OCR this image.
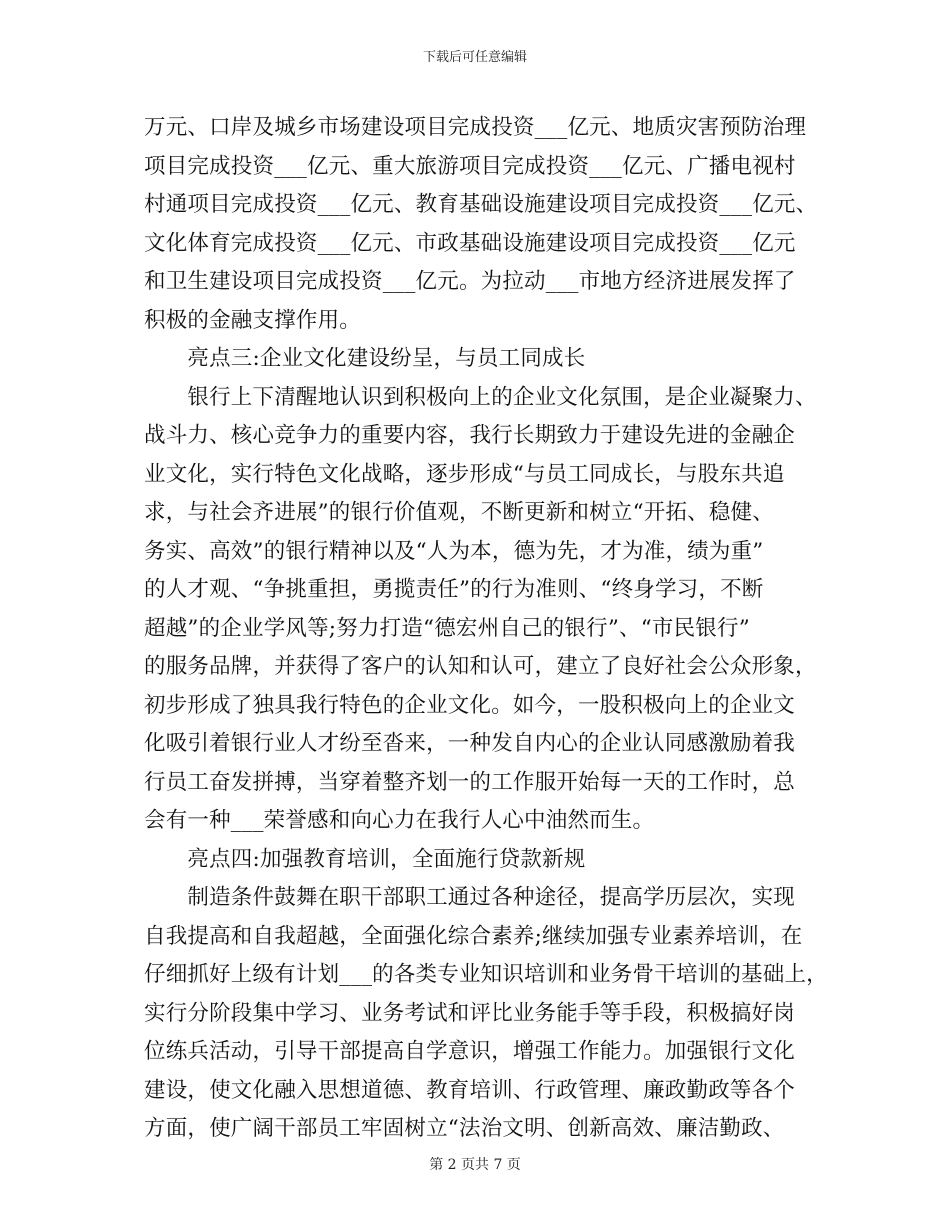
下载后可任意编辑
万元、口岸及城乡市场建设项目完成投资___亿元、地质灾害预防治理
项目完成投资___亿元、重大旅游项目完成投资___亿元、广播电视村
村通项目完成投资___亿元、教育基础设施建设项目完成投资___亿元、
文化体育完成投资___亿元、市政基础设施建设项目完成投资___亿元
和卫生建设项目完成投资___亿元。为拉动___市地方经济进展发挥了
积极的金融支撑作用。
　　亮点三:企业文化建设纷呈，与员工同成长
　　银行上下清醒地认识到积极向上的企业文化氛围，是企业凝聚力、
战斗力、核心竞争力的重要内容，我行长期致力于建设先进的金融企
业文化，实行特色文化战略，逐步形成“与员工同成长，与股东共追
求，与社会齐进展”的银行价值观，不断更新和树立“开拓、稳健、
务实、高效”的银行精神以及“人为本，德为先，才为准，绩为重”
的人才观、“争挑重担，勇揽责任”的行为准则、“终身学习，不断
超越”的企业学风等;努力打造“德宏州自己的银行”、“市民银行”
的服务品牌，并获得了客户的认知和认可，建立了良好社会公众形象，
初步形成了独具我行特色的企业文化。如今，一股积极向上的企业文
化吸引着银行业人才纷至沓来，一种发自内心的企业认同感激励着我
行员工奋发拼搏，当穿着整齐划一的工作服开始每一天的工作时，总
会有一种___荣誉感和向心力在我行人心中油然而生。
　　亮点四:加强教育培训，全面施行贷款新规
　　制造条件鼓舞在职干部职工通过各种途径，提高学历层次，实现
自我提高和自我超越，全面强化综合素养;继续加强专业素养培训，在
仔细抓好上级有计划___的各类专业知识培训和业务骨干培训的基础上，
实行分阶段集中学习、业务考试和评比业务能手等手段，积极搞好岗
位练兵活动，引导干部提高自学意识，增强工作能力。加强银行文化
建设，使文化融入思想道德、教育培训、行政管理、廉政勤政等各个
方面，使广阔干部员工牢固树立“法治文明、创新高效、廉洁勤政、
第 2 页共 7 页
